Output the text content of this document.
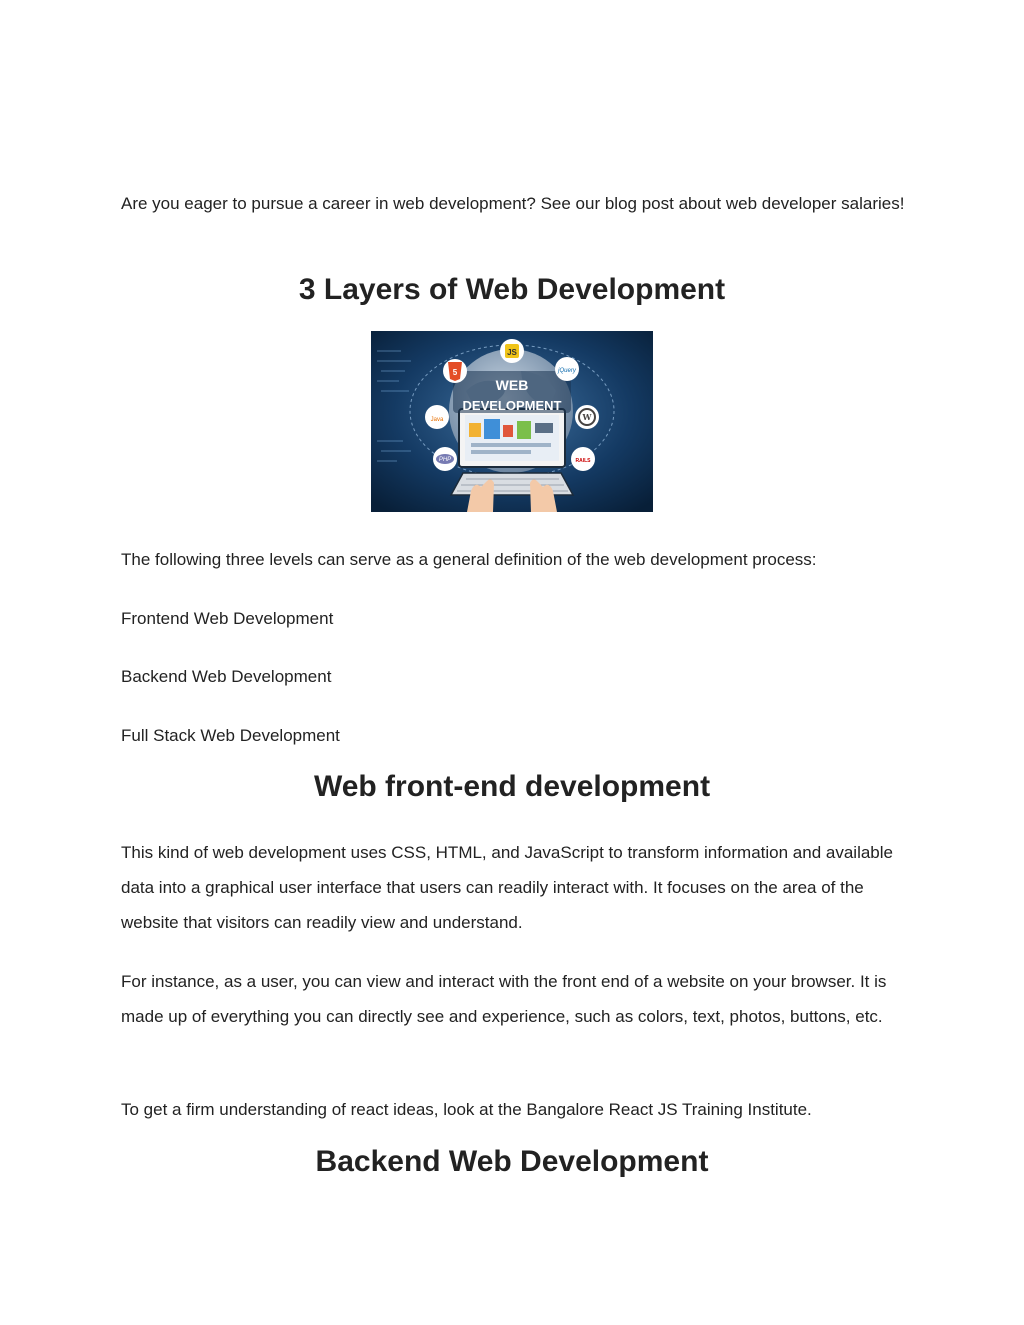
Are you eager to pursue a career in web development? See our blog post about web developer salaries!

3 Layers of Web Development
WEB
DEVELOPMENT
JS
jQuery
5
Java
PHP
W
RAILS

The following three levels can serve as a general definition of the web development process:

Frontend Web Development

Backend Web Development

Full Stack Web Development

Web front-end development

This kind of web development uses CSS, HTML, and JavaScript to transform information and available data into a graphical user interface that users can readily interact with. It focuses on the area of the website that visitors can readily view and understand.

For instance, as a user, you can view and interact with the front end of a website on your browser. It is made up of everything you can directly see and experience, such as colors, text, photos, buttons, etc.

To get a firm understanding of react ideas, look at the Bangalore React JS Training Institute.

Backend Web Development
